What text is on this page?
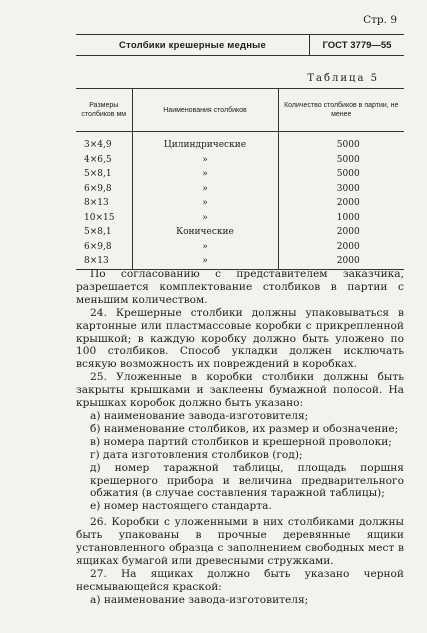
Стр. 9
Столбики крешерные медные	ГОСТ 3779—55
Таблица 5
Размеры столбиков мм	Наименования столбиков	Количество столбиков в партии, не менее
3×4,9	Цилиндрические	5000
4×6,5	»	5000
5×8,1	»	5000
6×9,8	»	3000
8×13	»	2000
10×15	»	1000
5×8,1	Конические	2000
6×9,8	»	2000
8×13	»	2000

По согласованию с представителем заказчика, разрешается комплектование столбиков в партии с меньшим количеством.

24. Крешерные столбики должны упаковываться в картонные или пластмассовые коробки с прикрепленной крышкой; в каждую коробку должно быть уложено по 100 столбиков. Способ укладки должен исключать всякую возможность их повреждений в коробках.

25. Уложенные в коробки столбики должны быть закрыты крышками и заклеены бумажной полосой. На крышках коробок должно быть указано:

а) наименование завода-изготовителя;

б) наименование столбиков, их размер и обозначение;

в) номера партий столбиков и крешерной проволоки;

г) дата изготовления столбиков (год);

д) номер таражной таблицы, площадь поршня крешерного прибора и величина предварительного обжатия (в случае составления таражной таблицы);

е) номер настоящего стандарта.

26. Коробки с уложенными в них столбиками должны быть упакованы в прочные деревянные ящики установленного образца с заполнением свободных мест в ящиках бумагой или древесными стружками.

27. На ящиках должно быть указано черной несмывающейся краской:

а) наименование завода-изготовителя;
